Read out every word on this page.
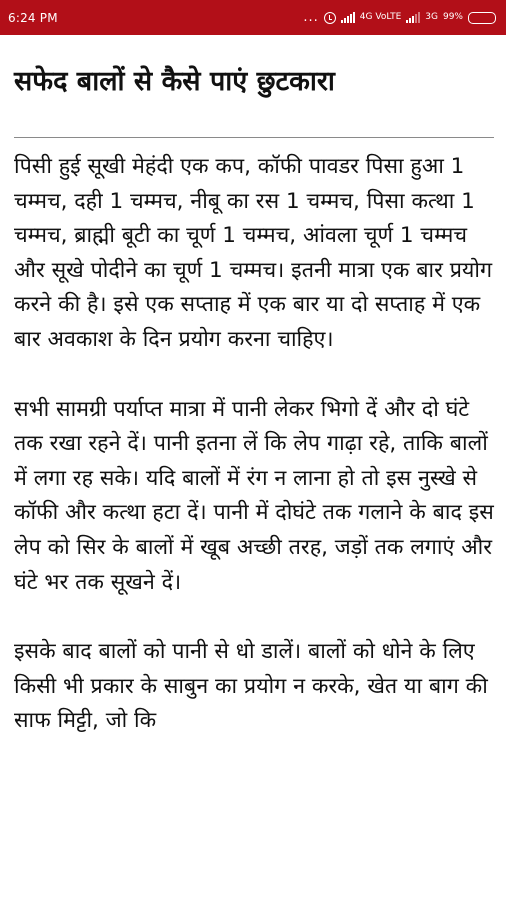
6:24 PM	...	4G VoLTE	3G 99%
सफेद बालों से कैसे पाएं छुटकारा

पिसी हुई सूखी मेहंदी एक कप, कॉफी पावडर पिसा हुआ 1 चम्मच, दही 1 चम्मच, नीबू का रस 1 चम्मच, पिसा कत्था 1 चम्मच, ब्राह्मी बूटी का चूर्ण 1 चम्मच, आंवला चूर्ण 1 चम्मच और सूखे पोदीने का चूर्ण 1 चम्मच। इतनी मात्रा एक बार प्रयोग करने की है। इसे एक सप्ताह में एक बार या दो सप्ताह में एक बार अवकाश के दिन प्रयोग करना चाहिए।

सभी सामग्री पर्याप्त मात्रा में पानी लेकर भिगो दें और दो घंटे तक रखा रहने दें। पानी इतना लें कि लेप गाढ़ा रहे, ताकि बालों में लगा रह सके। यदि बालों में रंग न लाना हो तो इस नुस्खे से कॉफी और कत्था हटा दें। पानी में दोघंटे तक गलाने के बाद इस लेप को सिर के बालों में खूब अच्छी तरह, जड़ों तक लगाएं और घंटे भर तक सूखने दें।

इसके बाद बालों को पानी से धो डालें। बालों को धोने के लिए किसी भी प्रकार के साबुन का प्रयोग न करके, खेत या बाग की साफ मिट्टी, जो कि
